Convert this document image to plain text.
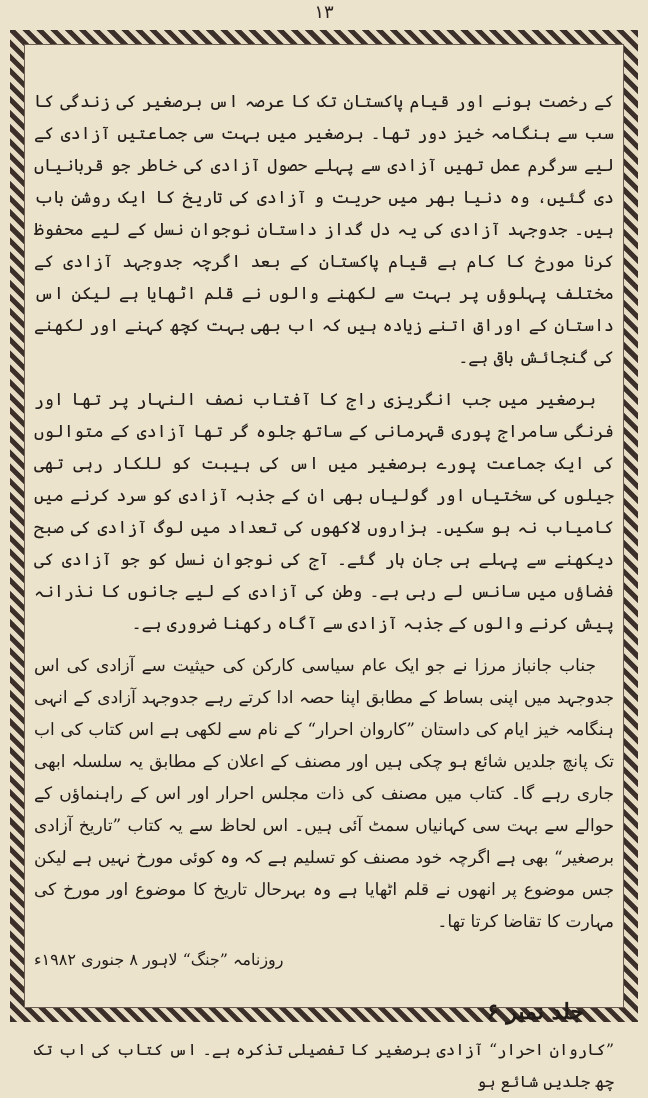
۱۳

کے رخصت ہونے اور قیام پاکستان تک کا عرصہ اس برصغیر کی زندگی کا سب سے ہنگامہ خیز دور تھا۔ برصغیر میں بہت سی جماعتیں آزادی کے لیے سرگرم عمل تھیں آزادی سے پہلے حصول آزادی کی خاطر جو قربانیاں دی گئیں، وہ دنیا بھر میں حریت و آزادی کی تاریخ کا ایک روشن باب ہیں۔ جدوجہد آزادی کی یہ دل گداز داستان نوجوان نسل کے لیے محفوظ کرنا مورخ کا کام ہے قیام پاکستان کے بعد اگرچہ جدوجہد آزادی کے مختلف پہلوؤں پر بہت سے لکھنے والوں نے قلم اٹھایا ہے لیکن اس داستان کے اوراق اتنے زیادہ ہیں کہ اب بھی بہت کچھ کہنے اور لکھنے کی گنجائش باقی ہے۔

برصغیر میں جب انگریزی راج کا آفتاب نصف النہار پر تھا اور فرنگی سامراج پوری قہرمانی کے ساتھ جلوہ گر تھا آزادی کے متوالوں کی ایک جماعت پورے برصغیر میں اس کی ہیبت کو للکار رہی تھی جیلوں کی سختیاں اور گولیاں بھی ان کے جذبہ آزادی کو سرد کرنے میں کامیاب نہ ہو سکیں۔ ہزاروں لاکھوں کی تعداد میں لوگ آزادی کی صبح دیکھنے سے پہلے ہی جان ہار گئے۔ آج کی نوجوان نسل کو جو آزادی کی فضاؤں میں سانس لے رہی ہے۔ وطن کی آزادی کے لیے جانوں کا نذرانہ پیش کرنے والوں کے جذبہ آزادی سے آگاہ رکھنا ضروری ہے۔

جناب جانباز مرزا نے جو ایک عام سیاسی کارکن کی حیثیت سے آزادی کی اس جدوجہد میں اپنی بساط کے مطابق اپنا حصہ ادا کرتے رہے جدوجہد آزادی کے انہی ہنگامہ خیز ایام کی داستان ”کاروان احرار“ کے نام سے لکھی ہے اس کتاب کی اب تک پانچ جلدیں شائع ہو چکی ہیں اور مصنف کے اعلان کے مطابق یہ سلسلہ ابھی جاری رہے گا۔ کتاب میں مصنف کی ذات مجلس احرار اور اس کے راہنماؤں کے حوالے سے بہت سی کہانیاں سمٹ آئی ہیں۔ اس لحاظ سے یہ کتاب ”تاریخ آزادی برصغیر“ بھی ہے اگرچہ خود مصنف کو تسلیم ہے کہ وہ کوئی مورخ نہیں ہے لیکن جس موضوع پر انھوں نے قلم اٹھایا ہے وہ بہرحال تاریخ کا موضوع اور مورخ کی مہارت کا تقاضا کرتا تھا۔

روزنامہ ”جنگ“ لاہور ۸ جنوری ۱۹۸۲ء
جلد نمبر ۶
”کاروان احرار“ آزادی برصغیر کا تفصیلی تذکرہ ہے۔ اس کتاب کی اب تک چھ جلدیں شائع ہو
